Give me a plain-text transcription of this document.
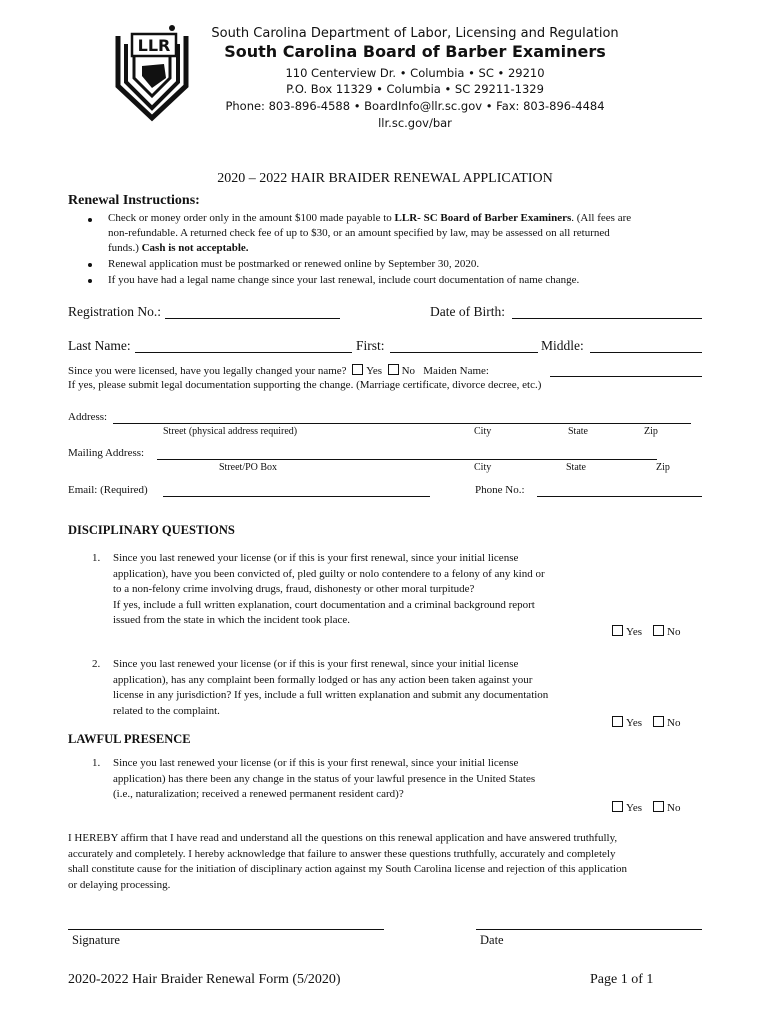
LLR
South Carolina Department of Labor, Licensing and Regulation
South Carolina Board of Barber Examiners
110 Centerview Dr. • Columbia • SC • 29210
P.O. Box 11329 • Columbia • SC 29211-1329
Phone: 803-896-4588 • BoardInfo@llr.sc.gov • Fax: 803-896-4484
llr.sc.gov/bar
2020 – 2022 HAIR BRAIDER RENEWAL APPLICATION
Renewal Instructions:
Check or money order only in the amount $100 made payable to LLR- SC Board of Barber Examiners. (All fees are
non-refundable. A returned check fee of up to $30, or an amount specified by law, may be assessed on all returned
funds.) Cash is not acceptable.
Renewal application must be postmarked or renewed online by September 30, 2020.
If you have had a legal name change since your last renewal, include court documentation of name change.
Registration No.:	Date of Birth:
Last Name:	First:	Middle:
Since you were licensed, have you legally changed your name? Yes No Maiden Name:
If yes, please submit legal documentation supporting the change. (Marriage certificate, divorce decree, etc.)
Address:
Street (physical address required)	City	State	Zip
Mailing Address:
Street/PO Box	City	State	Zip
Email: (Required)	Phone No.:
DISCIPLINARY QUESTIONS
1. Since you last renewed your license (or if this is your first renewal, since your initial license
application), have you been convicted of, pled guilty or nolo contendere to a felony of any kind or
to a non-felony crime involving drugs, fraud, dishonesty or other moral turpitude?
If yes, include a full written explanation, court documentation and a criminal background report
issued from the state in which the incident took place.
Yes No
2. Since you last renewed your license (or if this is your first renewal, since your initial license
application), has any complaint been formally lodged or has any action been taken against your
license in any jurisdiction? If yes, include a full written explanation and submit any documentation
related to the complaint.
Yes No
LAWFUL PRESENCE
1. Since you last renewed your license (or if this is your first renewal, since your initial license
application) has there been any change in the status of your lawful presence in the United States
(i.e., naturalization; received a renewed permanent resident card)?
Yes No
I HEREBY affirm that I have read and understand all the questions on this renewal application and have answered truthfully,
accurately and completely. I hereby acknowledge that failure to answer these questions truthfully, accurately and completely
shall constitute cause for the initiation of disciplinary action against my South Carolina license and rejection of this application
or delaying processing.
Signature	Date
2020-2022 Hair Braider Renewal Form (5/2020)	Page 1 of 1
